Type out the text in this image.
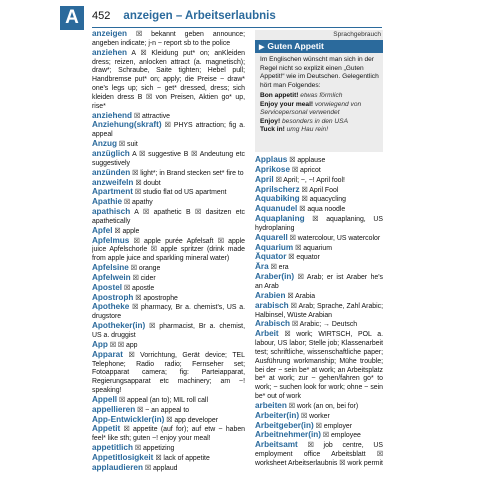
A	452 anzeigen – Arbeitserlaubnis
anzeigen ☒ bekannt geben announce; angeben indicate; j-n ~ report sb to the police
anziehen A ☒ Kleidung put* on; anKleiden dress; reizen, anlocken attract (a. magnetisch); draw*; Schraube, Saite tighten; Hebel pull; Handbremse put* on; apply; die Preise ~ draw* one's legs up; sich ~ get* dressed, dress; sich kleiden dress B ☒ von Preisen, Aktien go* up, rise*
anziehend ☒ attractive
Anziehung(skraft) ☒ PHYS attraction; fig a. appeal
Anzug ☒ suit
anzüglich A ☒ suggestive B ☒ Andeutung etc suggestively
anzünden ☒ light*; in Brand stecken set* fire to
anzweifeln ☒ doubt
Apartment ☒ studio flat od US apartment
Apathie ☒ apathy
apathisch A ☒ apathetic B ☒ dasitzen etc apathetically
Apfel ☒ apple
Apfelmus ☒ apple purée Apfelsaft ☒ apple juice Apfelschorle ☒ apple spritzer (drink made from apple juice and sparkling mineral water)
Apfelsine ☒ orange
Apfelwein ☒ cider
Apostel ☒ apostle
Apostroph ☒ apostrophe
Apotheke ☒ pharmacy, Br a. chemist's, US a. drugstore
Apotheker(in) ☒ pharmacist, Br a. chemist, US a. druggist
App ☒ ☒ app
Apparat ☒ Vorrichtung, Gerät device; TEL Telephone; Radio radio; Fernseher set; Fotoapparat camera; fig: Parteiapparat, Regierungsapparat etc machinery; am ~! speaking!
Appell ☒ appeal (an to); MIL roll call
appellieren ☒ ~ an appeal to
App-Entwickler(in) ☒ app developer
Appetit ☒ appetite (auf for); auf etw ~ haben feel* like sth; guten ~! enjoy your meal!
appetitlich ☒ appetizing
Appetitlosigkeit ☒ lack of appetite
applaudieren ☒ applaud
Sprachgebrauch
▶ Guten Appetit
Im Englischen wünscht man sich in der Regel nicht so explizit einen „Guten Appetit!“ wie im Deutschen. Gelegentlich hört man Folgendes:
Bon appetit! etwas förmlich
Enjoy your meal! vorwiegend von Servicepersonal verwendet
Enjoy! besonders in den USA
Tuck in! umg Hau rein!
Applaus ☒ applause
Aprikose ☒ apricot
April ☒ April; ~, ~! April fool!
Aprilscherz ☒ April Fool
Aquabiking ☒ aquacycling
Aquanudel ☒ aqua noodle
Aquaplaning ☒ aquaplaning, US hydroplaning
Aquarell ☒ watercolour, US watercolor
Aquarium ☒ aquarium
Äquator ☒ equator
Ära ☒ era
Araber(in) ☒ Arab; er ist Araber he's an Arab
Arabien ☒ Arabia
arabisch ☒ Arab; Sprache, Zahl Arabic; Halbinsel, Wüste Arabian
Arabisch ☒ Arabic; → Deutsch
Arbeit ☒ work; WIRTSCH, POL a. labour, US labor; Stelle job; Klassenarbeit test; schriftliche, wissenschaftliche paper; Ausführung workmanship; Mühe trouble; bei der ~ sein be* at work; an Arbeitsplatz be* at work; zur ~ gehen/fahren go* to work; ~ suchen look for work; ohne ~ sein be* out of work
arbeiten ☒ work (an on, bei for)
Arbeiter(in) ☒ worker
Arbeitgeber(in) ☒ employer
Arbeitnehmer(in) ☒ employee
Arbeitsamt ☒ job centre, US employment office Arbeitsblatt ☒ worksheet Arbeitserlaubnis ☒ work permit
